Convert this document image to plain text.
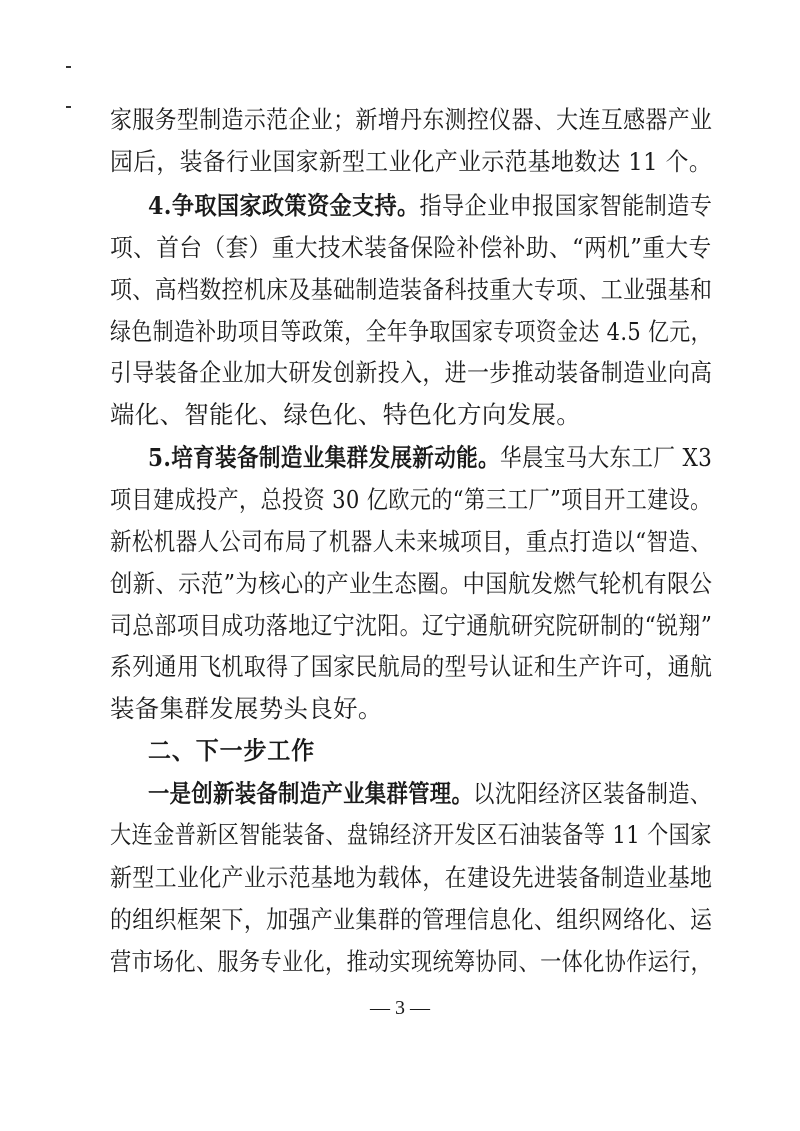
家服务型制造示范企业；新增丹东测控仪器、大连互感器产业
园后，装备行业国家新型工业化产业示范基地数达 11 个。
4.争取国家政策资金支持。指导企业申报国家智能制造专
项、首台（套）重大技术装备保险补偿补助、“两机”重大专
项、高档数控机床及基础制造装备科技重大专项、工业强基和
绿色制造补助项目等政策，全年争取国家专项资金达 4.5 亿元，
引导装备企业加大研发创新投入，进一步推动装备制造业向高
端化、智能化、绿色化、特色化方向发展。
5.培育装备制造业集群发展新动能。华晨宝马大东工厂 X3
项目建成投产，总投资 30 亿欧元的“第三工厂”项目开工建设。
新松机器人公司布局了机器人未来城项目，重点打造以“智造、
创新、示范”为核心的产业生态圈。中国航发燃气轮机有限公
司总部项目成功落地辽宁沈阳。辽宁通航研究院研制的“锐翔”
系列通用飞机取得了国家民航局的型号认证和生产许可，通航
装备集群发展势头良好。
二、下一步工作
一是创新装备制造产业集群管理。以沈阳经济区装备制造、
大连金普新区智能装备、盘锦经济开发区石油装备等 11 个国家
新型工业化产业示范基地为载体，在建设先进装备制造业基地
的组织框架下，加强产业集群的管理信息化、组织网络化、运
营市场化、服务专业化，推动实现统筹协同、一体化协作运行，
— 3 —
